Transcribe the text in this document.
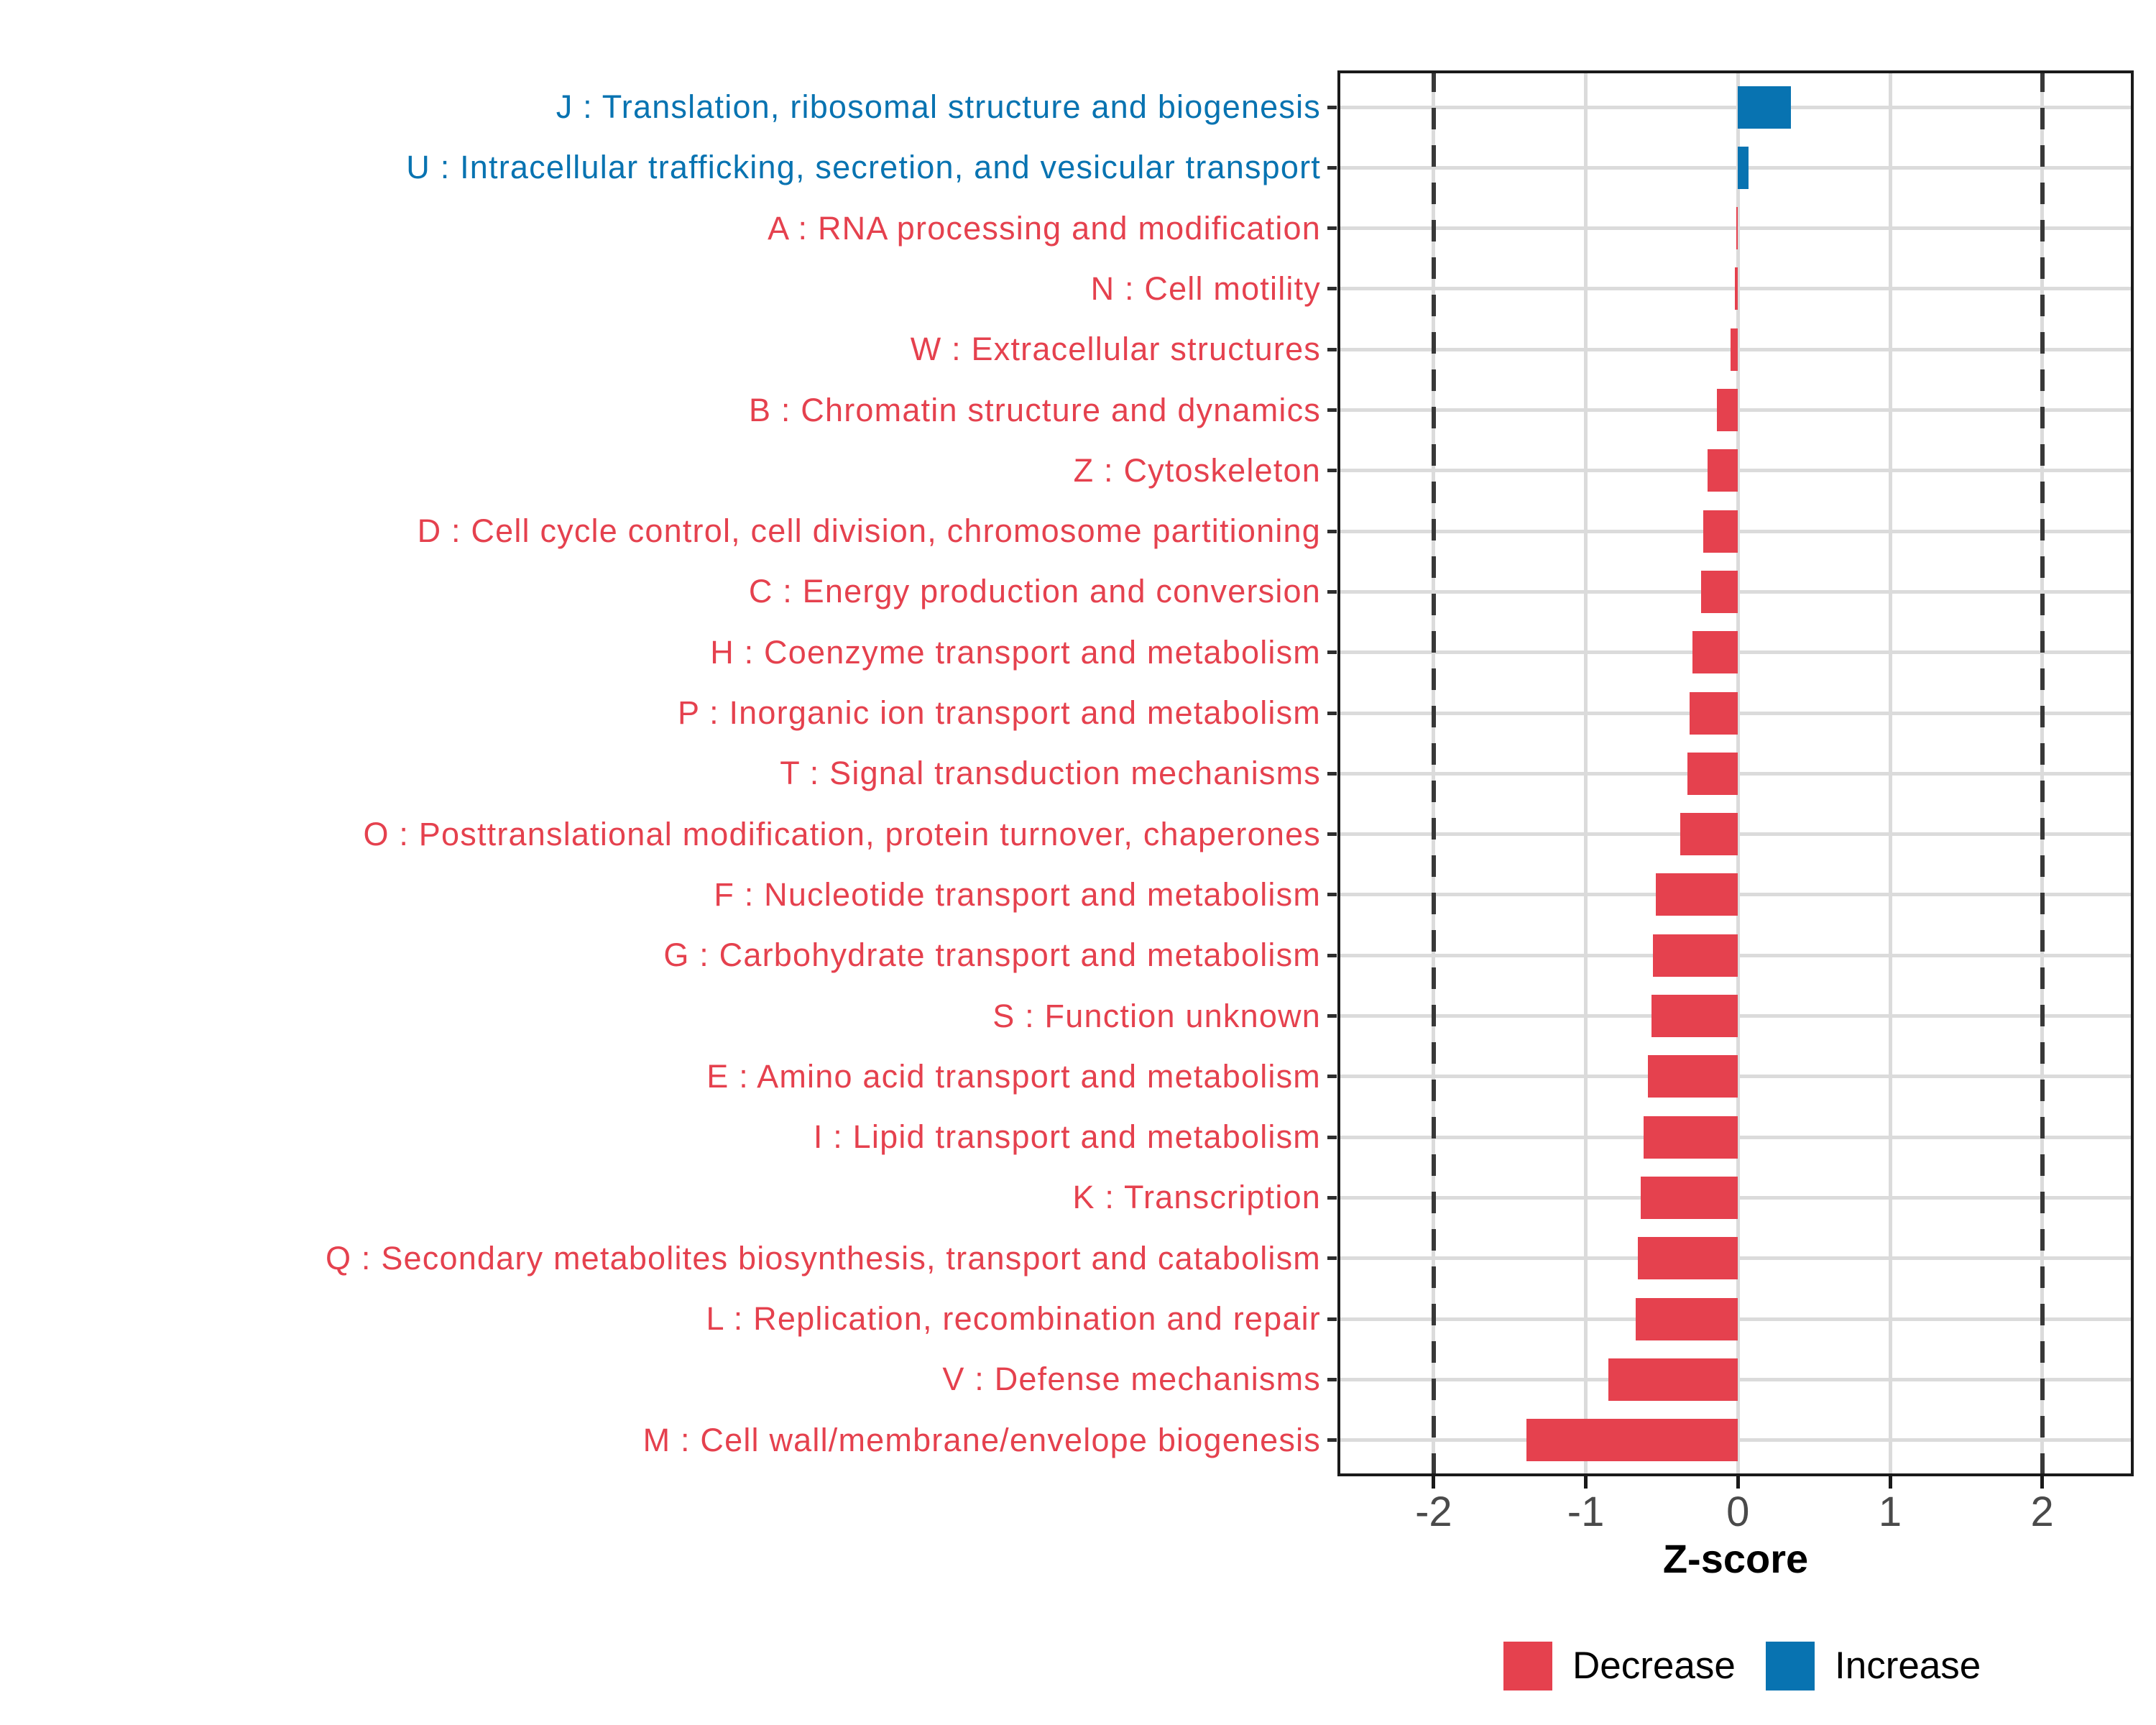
Z-score
Decrease	Increase
J : Translation, ribosomal structure and biogenesis
U : Intracellular trafficking, secretion, and vesicular transport
A : RNA processing and modification
N : Cell motility
W : Extracellular structures
B : Chromatin structure and dynamics
Z : Cytoskeleton
D : Cell cycle control, cell division, chromosome partitioning
C : Energy production and conversion
H : Coenzyme transport and metabolism
P : Inorganic ion transport and metabolism
T : Signal transduction mechanisms
O : Posttranslational modification, protein turnover, chaperones
F : Nucleotide transport and metabolism
G : Carbohydrate transport and metabolism
S : Function unknown
E : Amino acid transport and metabolism
I : Lipid transport and metabolism
K : Transcription
Q : Secondary metabolites biosynthesis, transport and catabolism
L : Replication, recombination and repair
V : Defense mechanisms
M : Cell wall/membrane/envelope biogenesis
-2	-1	0	1	2
